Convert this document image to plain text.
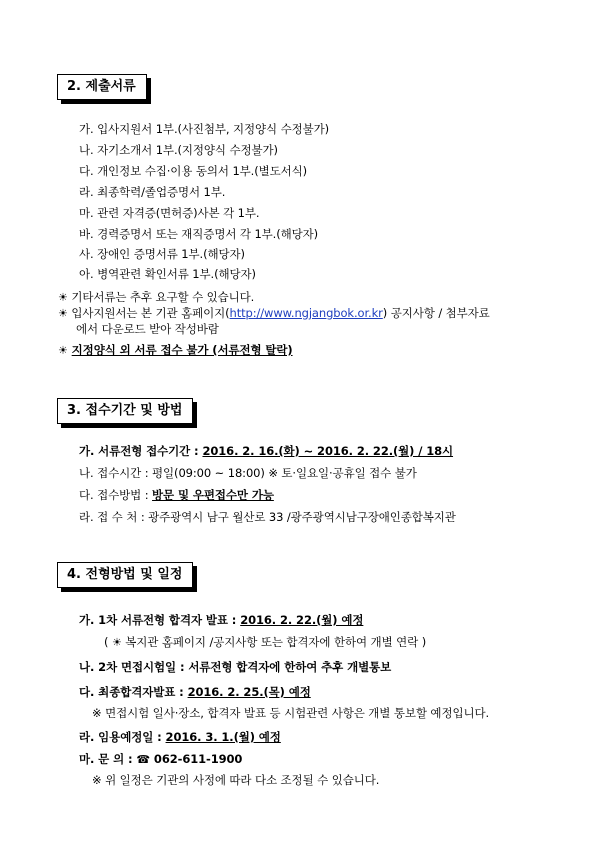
2. 제출서류
가. 입사지원서 1부.(사진첨부, 지정양식 수정불가)
나. 자기소개서 1부.(지정양식 수정불가)
다. 개인정보 수집·이용 동의서 1부.(별도서식)
라. 최종학력/졸업증명서 1부.
마. 관련 자격증(면허증)사본 각 1부.
바. 경력증명서 또는 재직증명서 각 1부.(해당자)
사. 장애인 증명서류 1부.(해당자)
아. 병역관련 확인서류 1부.(해당자)
☀ 기타서류는 추후 요구할 수 있습니다.
☀ 입사지원서는 본 기관 홈페이지(http://www.ngjangbok.or.kr) 공지사항 / 첨부자료
에서 다운로드 받아 작성바람
☀ 지정양식 외 서류 접수 불가 (서류전형 탈락)
3. 접수기간 및 방법
가. 서류전형 접수기간 : 2016. 2. 16.(화) ~ 2016. 2. 22.(월) / 18시
나. 접수시간 : 평일(09:00 ~ 18:00) ※ 토·일요일·공휴일 접수 불가
다. 접수방법 : 방문 및 우편접수만 가능
라. 접 수 처 : 광주광역시 남구 월산로 33 /광주광역시남구장애인종합복지관
4. 전형방법 및 일정
가. 1차 서류전형 합격자 발표 : 2016. 2. 22.(월) 예정
( ☀ 복지관 홈페이지 /공지사항 또는 합격자에 한하여 개별 연락 )
나. 2차 면접시험일 : 서류전형 합격자에 한하여 추후 개별통보
다. 최종합격자발표 : 2016. 2. 25.(목) 예정
※ 면접시험 일사·장소, 합격자 발표 등 시험관련 사항은 개별 통보할 예정입니다.
라. 임용예정일 : 2016. 3. 1.(월) 예정
마. 문 의 : ☎ 062-611-1900
※ 위 일정은 기관의 사정에 따라 다소 조정될 수 있습니다.
